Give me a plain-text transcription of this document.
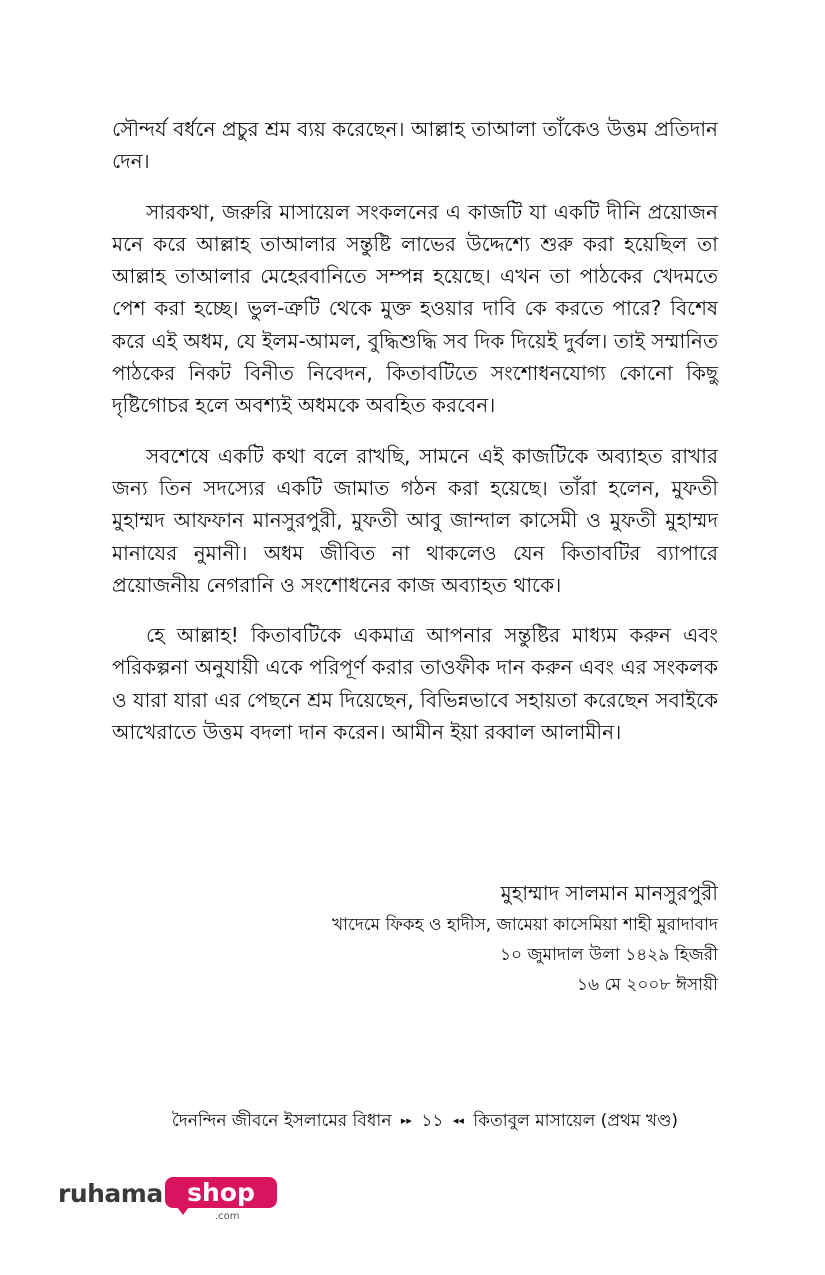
সৌন্দর্য বর্ধনে প্রচুর শ্রম ব্যয় করেছেন। আল্লাহ তাআলা তাঁকেও উত্তম প্রতিদান দেন।

সারকথা, জরুরি মাসায়েল সংকলনের এ কাজটি যা একটি দীনি প্রয়োজন মনে করে আল্লাহ তাআলার সন্তুষ্টি লাভের উদ্দেশ্যে শুরু করা হয়েছিল তা আল্লাহ তাআলার মেহেরবানিতে সম্পন্ন হয়েছে। এখন তা পাঠকের খেদমতে পেশ করা হচ্ছে। ভুল-ত্রুটি থেকে মুক্ত হওয়ার দাবি কে করতে পারে? বিশেষ করে এই অধম, যে ইলম-আমল, বুদ্ধিশুদ্ধি সব দিক দিয়েই দুর্বল। তাই সম্মানিত পাঠকের নিকট বিনীত নিবেদন, কিতাবটিতে সংশোধনযোগ্য কোনো কিছু দৃষ্টিগোচর হলে অবশ্যই অধমকে অবহিত করবেন।

সবশেষে একটি কথা বলে রাখছি, সামনে এই কাজটিকে অব্যাহত রাখার জন্য তিন সদস্যের একটি জামাত গঠন করা হয়েছে। তাঁরা হলেন, মুফতী মুহাম্মদ আফফান মানসুরপুরী, মুফতী আবু জান্দাল কাসেমী ও মুফতী মুহাম্মদ মানাযের নুমানী। অধম জীবিত না থাকলেও যেন কিতাবটির ব্যাপারে প্রয়োজনীয় নেগরানি ও সংশোধনের কাজ অব্যাহত থাকে।

হে আল্লাহ! কিতাবটিকে একমাত্র আপনার সন্তুষ্টির মাধ্যম করুন এবং পরিকল্পনা অনুযায়ী একে পরিপূর্ণ করার তাওফীক দান করুন এবং এর সংকলক ও যারা যারা এর পেছনে শ্রম দিয়েছেন, বিভিন্নভাবে সহায়তা করেছেন সবাইকে আখেরাতে উত্তম বদলা দান করেন। আমীন ইয়া রব্বাল আলামীন।

মুহাম্মাদ সালমান মানসুরপুরী
খাদেমে ফিকহ ও হাদীস, জামেয়া কাসেমিয়া শাহী মুরাদাবাদ
১০ জুমাদাল উলা ১৪২৯ হিজরী
১৬ মে ২০০৮ ঈসায়ী
দৈনন্দিন জীবনে ইসলামের বিধান ▸▸ ১১ ◂◂ কিতাবুল মাসায়েল (প্রথম খণ্ড)
ruhama shop
.com
